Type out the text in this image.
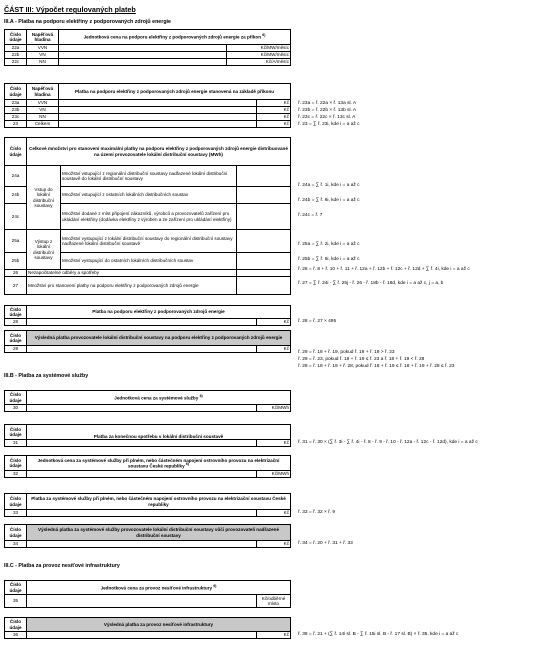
ČÁST III: Výpočet regulovaných plateb
III.A - Platba na podporu elektřiny z podporovaných zdrojů energie
Číslo údaje	Napěťová hladina	Jednotková cena na podporu elektřiny z podporovaných zdrojů energie za příkon $^{6)}$
22a	VVN		Kč/MW/měsíc
22b	VN		Kč/MW/měsíc
22c	NN		Kč/A/měsíc
Číslo údaje	Napěťová hladina	Platba na podporu elektřiny z podporovaných zdrojů energie stanovená na základě příkonu	
23a	VVN		Kč
23b	VN		Kč
23c	NN		Kč
23	Celkem		Kč
ř. 23a = ř. 22a × ř. 13a sl. A
ř. 23b = ř. 22b × ř. 13b sl. A
ř. 23c = ř. 22c × ř. 13c sl. A
ř. 23 = ∑ ř. 23i, kde i = a až c
Číslo údaje	Celkové množství pro stanovení maximální platby na podporu elektřiny z podporovaných zdrojů energie distribuované na území provozovatele lokální distribuční soustavy (MWh)		
24a	Vstup do lokální distribuční soustavy	Množství vstupující z regionální distribuční soustavy nadřazené lokální distribuční soustavě do lokální distribuční soustavy	
24b		Množství vstupující z ostatních lokálních distribučních soustav	
24c		Množství dodané z míst připojení zákazníků, výrobců a provozovatelů zařízení pro ukládání elektřiny (dodávka elektřiny z výroben a ze zařízení pro ukládání elektřiny)	
25a	Výstup z lokální distribuční soustavy	Množství vystupující z lokální distribuční soustavy do regionální distribuční soustavy nadřazené lokální distribuční soustavě	
25b		Množství vystupující do ostatních lokálních distribučních soustav	
26	Nezapočitatelné odběry a spotřeby		
27	Množství pro stanovení platby na podporu elektřiny z podporovaných zdrojů energie		
ř. 24a = ∑ ř. 1i, kde i = a až c
ř. 24b = ∑ ř. 6i, kde i = a až c
ř. 24c = ř. 7
ř. 25a = ∑ ř. 2i, kde i = a až c
ř. 25b = ∑ ř. 5i, kde i = a až c
ř. 26 = ř. 8 + ř. 10 + ř. 11 + ř. 12a + ř. 12b + ř. 12c + ř. 12d + ∑ ř. 4i, kde i = a až c
ř. 27 = ∑ ř. 24i - ∑ ř. 25j - ř. 26 - ř. 18b - ř. 18d, kde i = a až c, j = a, b
Číslo údaje	Platba na podporu elektřiny z podporovaných zdrojů energie	
28		Kč ř. 28 = ř. 27 × 495
Číslo údaje	Výsledná platba provozovatele lokální distribuční soustavy na podporu elektřiny z podporovaných zdrojů energie	
29		Kč
ř. 29 = ř. 18 + ř. 19, pokud ř. 18 + ř. 19 > ř. 23
ř. 29 = ř. 23, pokud ř. 18 + ř. 19 ≤ ř. 23 a ř. 18 + ř. 19 < ř. 28
ř. 29 = ř. 18 + ř. 19 + ř. 28, pokud ř. 18 + ř. 19 ≤ ř. 18 + ř. 19 + ř. 28 ≤ ř. 23
III.B - Platba za systémové služby
Číslo údaje	Jednotková cena za systémové služby $^{6)}$
30		Kč/MWh
Číslo údaje	Platba za konečnou spotřebu v lokální distribuční soustavě	
31		Kč ř. 31 = ř. 30 × (∑ ř. 3i - ∑ ř. 4i - ř. 8 - ř. 9 - ř. 10 - ř. 12a - ř. 12c - ř. 12d), kde i = a až c
Číslo údaje	Jednotková cena za systémové služby při plném, nebo částečném napojení ostrovního provozu na elektrizační soustavu České republiky $^{6)}$
32		Kč/MWh
Číslo údaje	Platba za systémové služby při plném, nebo částečném napojení ostrovního provozu na elektrizační soustavu České republiky	
33		Kč ř. 33 = ř. 32 × ř. 9
Číslo údaje	Výsledná platba za systémové služby provozovatele lokální distribuční soustavy vůči provozovateli nadřazené distribuční soustavy	
34		Kč ř. 34 = ř. 20 + ř. 31 + ř. 33
III.C - Platba za provoz nesíťové infrastruktury
Číslo údaje	Jednotková cena za provoz nesíťové infrastruktury $^{6)}$
35		Kč/odběrné místo
Číslo údaje	Výsledná platba za provoz nesíťové infrastruktury	
36		Kč ř. 36 = ř. 21 + (∑ ř. 14i sl. B - ∑ ř. 15i sl. B - ř. 17 sl. B) × ř. 35, kde i = a až c
